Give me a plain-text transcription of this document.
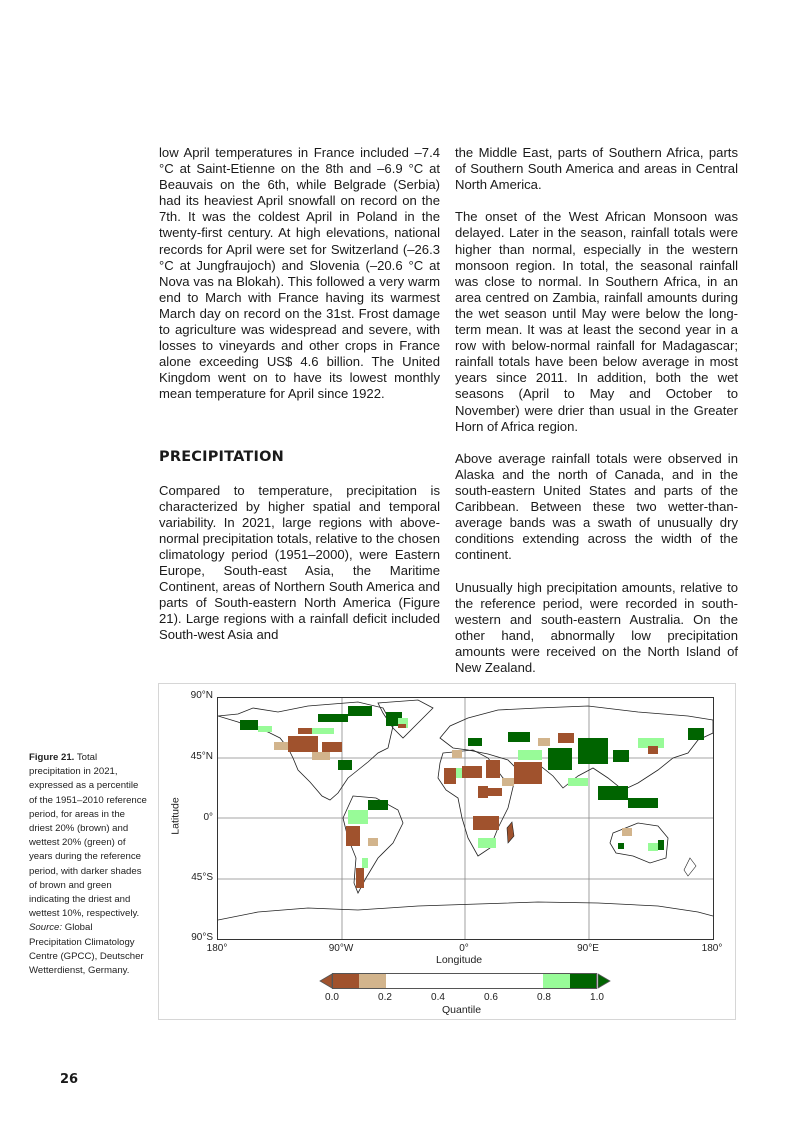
low April temperatures in France included –7.4 °C at Saint-Etienne on the 8th and –6.9 °C at Beauvais on the 6th, while Belgrade (Serbia) had its heaviest April snowfall on record on the 7th. It was the coldest April in Poland in the twenty-first century. At high elevations, national records for April were set for Switzerland (–26.3 °C at Jungfraujoch) and Slovenia (–20.6 °C at Nova vas na Blokah). This followed a very warm end to March with France having its warmest March day on record on the 31st. Frost damage to agriculture was widespread and severe, with losses to vineyards and other crops in France alone exceeding US$ 4.6 billion. The United Kingdom went on to have its lowest monthly mean temperature for April since 1922.

PRECIPITATION

Compared to temperature, precipitation is characterized by higher spatial and temporal variability. In 2021, large regions with above-normal precipitation totals, relative to the chosen climatology period (1951–2000), were Eastern Europe, South-east Asia, the Maritime Continent, areas of Northern South America and parts of South-eastern North America (Figure 21). Large regions with a rainfall deficit included South-west Asia and

the Middle East, parts of Southern Africa, parts of Southern South America and areas in Central North America.

The onset of the West African Monsoon was delayed. Later in the season, rainfall totals were higher than normal, especially in the western monsoon region. In total, the seasonal rainfall was close to normal. In Southern Africa, in an area centred on Zambia, rainfall amounts during the wet season until May were below the long-term mean. It was at least the second year in a row with below-normal rainfall for Madagascar; rainfall totals have been below average in most years since 2011. In addition, both the wet seasons (April to May and October to November) were drier than usual in the Greater Horn of Africa region.

Above average rainfall totals were observed in Alaska and the north of Canada, and in the south-eastern United States and parts of the Caribbean. Between these two wetter-than-average bands was a swath of unusually dry conditions extending across the width of the continent.

Unusually high precipitation amounts, relative to the reference period, were recorded in south-western and south-eastern Australia. On the other hand, abnormally low precipitation amounts were received on the North Island of New Zealand.

Figure 21. Total precipitation in 2021, expressed as a percentile of the 1951–2010 reference period, for areas in the driest 20% (brown) and wettest 20% (green) of years during the reference period, with darker shades of brown and green indicating the driest and wettest 10%, respectively.
Source: Global Precipitation Climatology Centre (GPCC), Deutscher Wetterdienst, Germany.
90°N
45°N
0°
45°S
90°S
Latitude
180°	90°W	0°	90°E	180°
Longitude
0.0	0.2	0.4	0.6	0.8	1.0
Quantile
26
